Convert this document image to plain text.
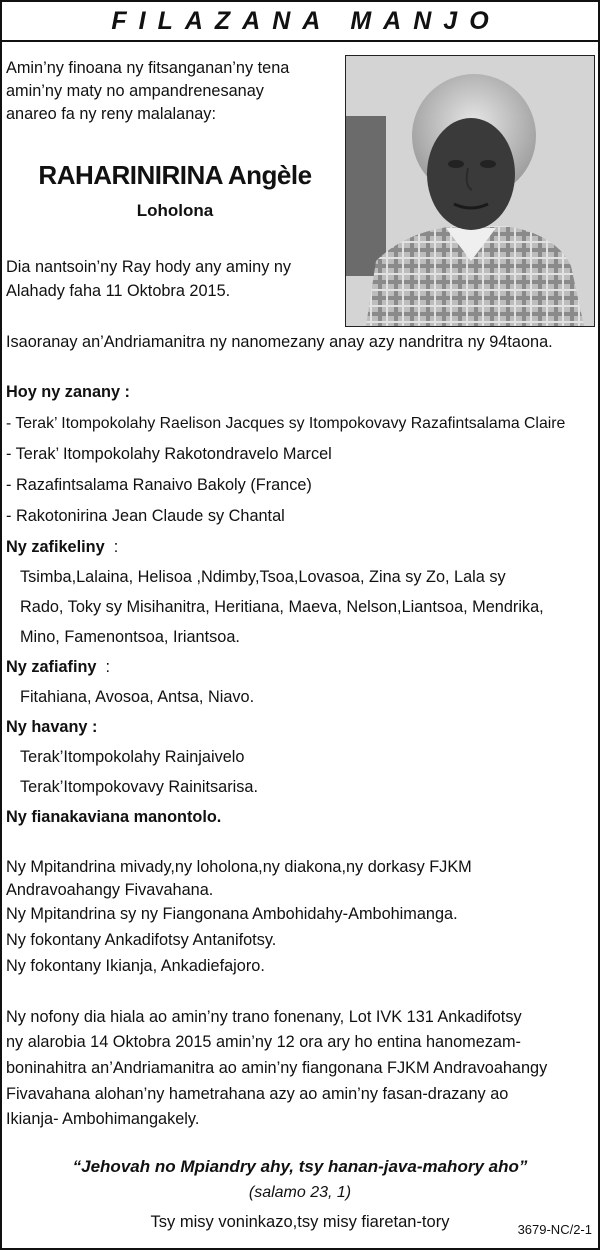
FILAZANA MANJO

Amin’ny finoana ny fitsanganan’ny tena

amin’ny maty no ampandrenesanay

anareo fa ny reny malalanay:

RAHARINIRINA Angèle
Loholona

Dia nantsoin’ny Ray hody any aminy ny

Alahady faha 11 Oktobra 2015.

Isaoranay an’Andriamanitra ny nanomezany anay azy nandritra ny 94taona.

Hoy ny zanany :

- Terak’ Itompokolahy Raelison Jacques sy Itompokovavy Razafintsalama Claire

- Terak’ Itompokolahy Rakotondravelo Marcel

- Razafintsalama Ranaivo Bakoly (France)

- Rakotonirina Jean Claude sy Chantal

Ny zafikeliny :

Tsimba,Lalaina, Helisoa ,Ndimby,Tsoa,Lovasoa, Zina sy Zo, Lala sy

Rado, Toky sy Misihanitra, Heritiana, Maeva, Nelson,Liantsoa, Mendrika,

Mino, Famenontsoa, Iriantsoa.

Ny zafiafiny :

Fitahiana, Avosoa, Antsa, Niavo.

Ny havany :

Terak’Itompokolahy Rainjaivelo

Terak’Itompokovavy Rainitsarisa.

Ny fianakaviana manontolo.

Ny Mpitandrina mivady,ny loholona,ny diakona,ny dorkasy FJKM

Andravoahangy Fivavahana.

Ny Mpitandrina sy ny Fiangonana Ambohidahy-Ambohimanga.

Ny fokontany Ankadifotsy Antanifotsy.

Ny fokontany Ikianja, Ankadiefajoro.

Ny nofony dia hiala ao amin’ny trano fonenany, Lot IVK 131 Ankadifotsy

ny alarobia 14 Oktobra 2015 amin’ny 12 ora ary ho entina hanomezam-

boninahitra an’Andriamanitra ao amin’ny fiangonana FJKM Andravoahangy

Fivavahana alohan’ny hametrahana azy ao amin’ny fasan-drazany ao

Ikianja- Ambohimangakely.

“Jehovah no Mpiandry ahy, tsy hanan-java-mahory aho”
(salamo 23, 1)
Tsy misy voninkazo,tsy misy fiaretan-tory	3679-NC/2-1
